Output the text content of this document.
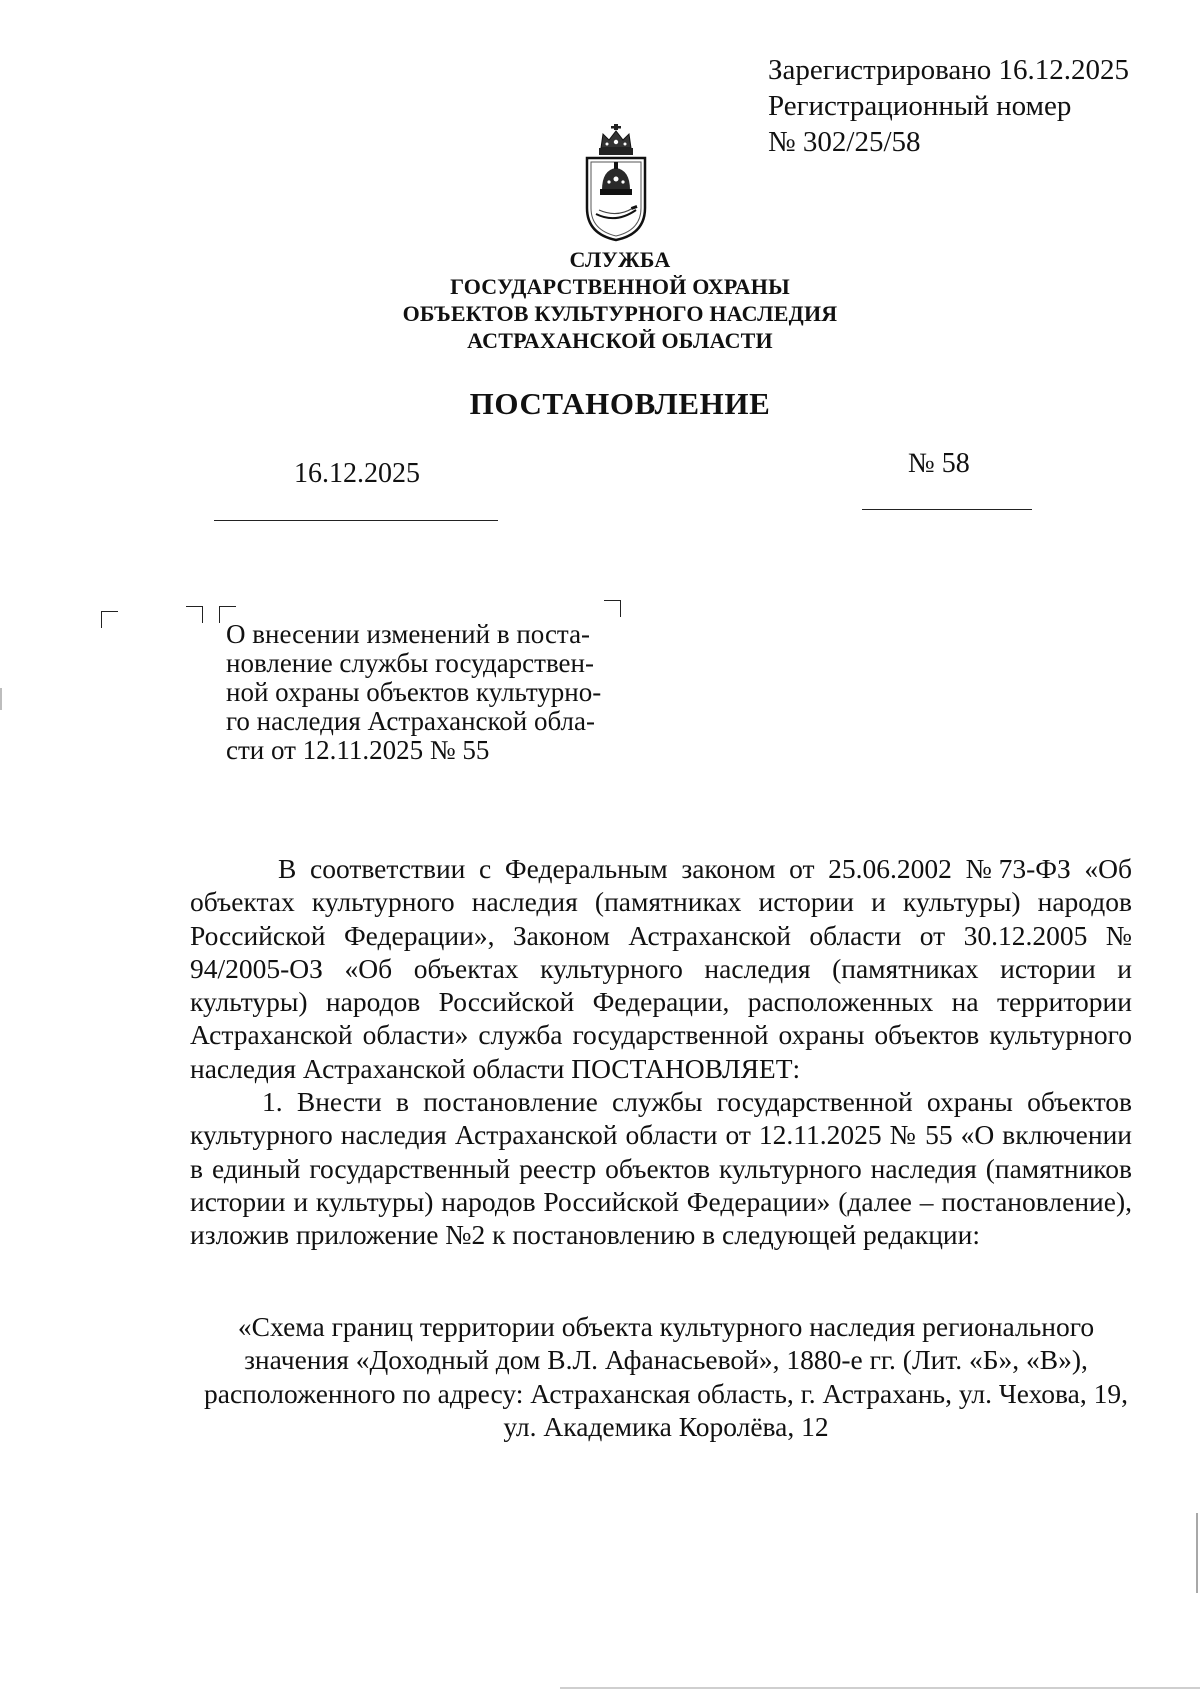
Зарегистрировано 16.12.2025
Регистрационный номер
№ 302/25/58
СЛУЖБА
ГОСУДАРСТВЕННОЙ ОХРАНЫ
ОБЪЕКТОВ КУЛЬТУРНОГО НАСЛЕДИЯ
АСТРАХАНСКОЙ ОБЛАСТИ
ПОСТАНОВЛЕНИЕ
16.12.2025	№ 58
О внесении изменений в поста-
новление службы государствен-
ной охраны объектов культурно-
го наследия Астраханской обла-
сти от 12.11.2025 № 55

В соответствии с Федеральным законом от 25.06.2002 №73-ФЗ «Об объектах культурного наследия (памятниках истории и культуры) народов Российской Федерации», Законом Астраханской области от 30.12.2005 № 94/2005-ОЗ «Об объектах культурного наследия (памятниках истории и культуры) народов Российской Федерации, расположенных на территории Астраханской области» служба государственной охраны объектов культурного наследия Астраханской области ПОСТАНОВЛЯЕТ:

1. Внести в постановление службы государственной охраны объектов культурного наследия Астраханской области от 12.11.2025 № 55 «О включении в единый государственный реестр объектов культурного наследия (памятников истории и культуры) народов Российской Федерации» (далее – постановление), изложив приложение №2 к постановлению в следующей редакции:

«Схема границ территории объекта культурного наследия регионального значения «Доходный дом В.Л. Афанасьевой», 1880-е гг. (Лит. «Б», «В»), расположенного по адресу: Астраханская область, г. Астрахань, ул. Чехова, 19, ул. Академика Королёва, 12
